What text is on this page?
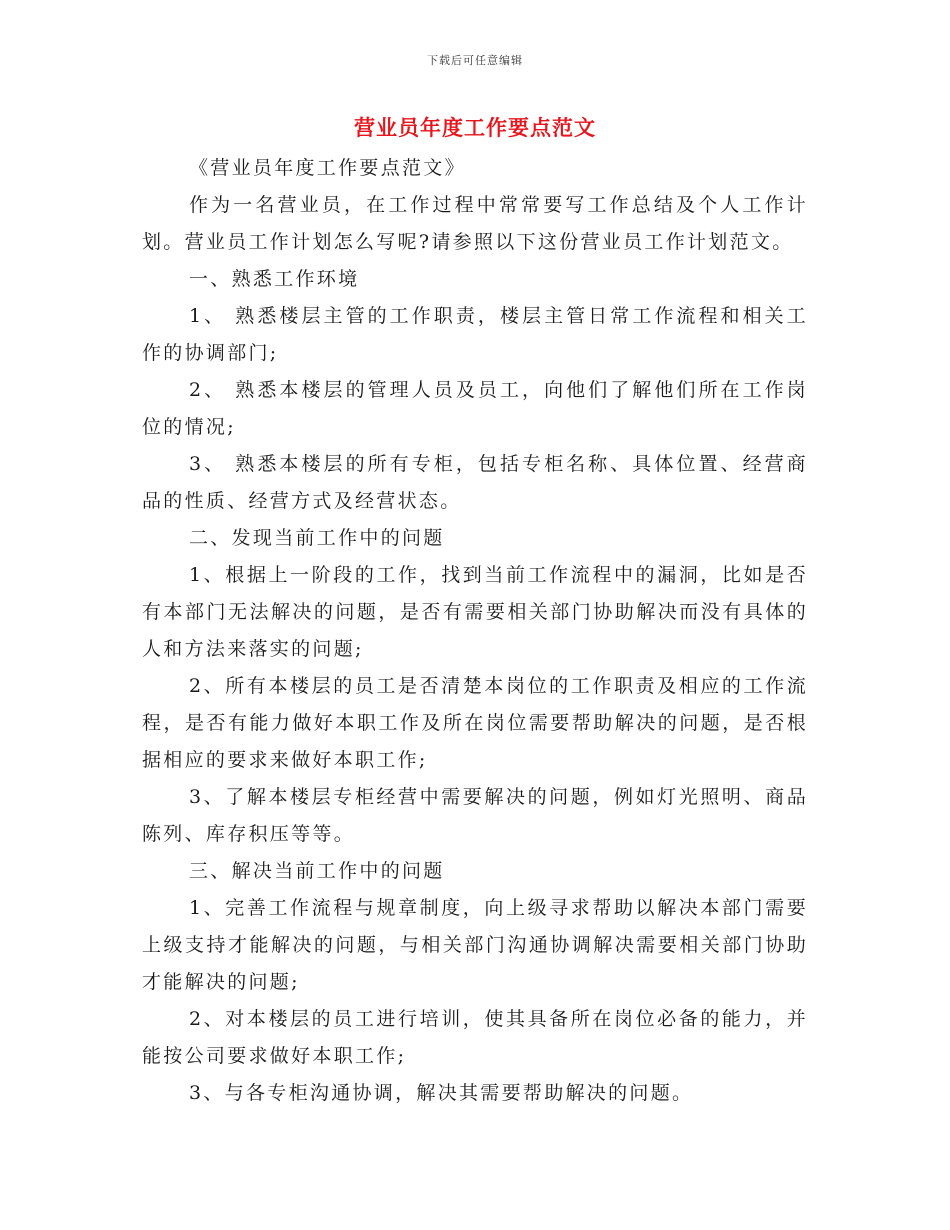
下载后可任意编辑
营业员年度工作要点范文

《营业员年度工作要点范文》

作为一名营业员，在工作过程中常常要写工作总结及个人工作计划。营业员工作计划怎么写呢?请参照以下这份营业员工作计划范文。

一、熟悉工作环境

1、 熟悉楼层主管的工作职责，楼层主管日常工作流程和相关工作的协调部门;

2、 熟悉本楼层的管理人员及员工，向他们了解他们所在工作岗位的情况;

3、 熟悉本楼层的所有专柜，包括专柜名称、具体位置、经营商品的性质、经营方式及经营状态。

二、发现当前工作中的问题

1、根据上一阶段的工作，找到当前工作流程中的漏洞，比如是否有本部门无法解决的问题，是否有需要相关部门协助解决而没有具体的人和方法来落实的问题;

2、所有本楼层的员工是否清楚本岗位的工作职责及相应的工作流程，是否有能力做好本职工作及所在岗位需要帮助解决的问题，是否根据相应的要求来做好本职工作;

3、了解本楼层专柜经营中需要解决的问题，例如灯光照明、商品陈列、库存积压等等。

三、解决当前工作中的问题

1、完善工作流程与规章制度，向上级寻求帮助以解决本部门需要上级支持才能解决的问题，与相关部门沟通协调解决需要相关部门协助才能解决的问题;

2、对本楼层的员工进行培训，使其具备所在岗位必备的能力，并能按公司要求做好本职工作;

3、与各专柜沟通协调，解决其需要帮助解决的问题。
